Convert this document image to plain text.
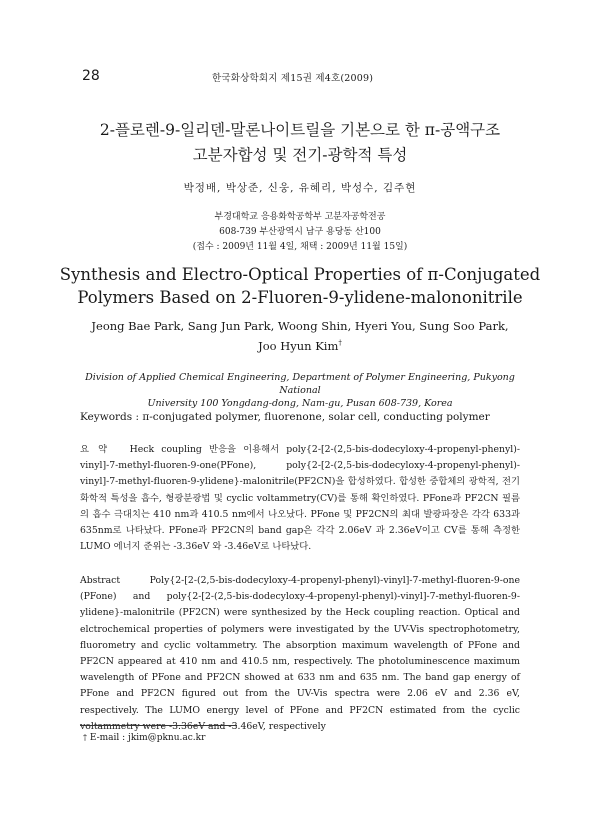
28	한국화상학회지 제15권 제4호(2009)
2-플로렌-9-일리덴-말론나이트릴을 기본으로 한 π-공액구조
고분자합성 및 전기-광학적 특성
박정배, 박상준, 신웅, 유혜리, 박성수, 김주현
부경대학교 응용화학공학부 고분자공학전공
608-739 부산광역시 남구 용당동 산100
(접수 : 2009년 11월 4일, 채택 : 2009년 11월 15일)
Synthesis and Electro-Optical Properties of π-Conjugated
Polymers Based on 2-Fluoren-9-ylidene-malononitrile
Jeong Bae Park, Sang Jun Park, Woong Shin, Hyeri You, Sung Soo Park,
Joo Hyun Kim†
Division of Applied Chemical Engineering, Department of Polymer Engineering, Pukyong National
University 100 Yongdang-dong, Nam-gu, Pusan 608-739, Korea
Keywords : π-conjugated polymer, fluorenone, solar cell, conducting polymer
요 약 Heck coupling 반응을 이용해서 poly{2-[2-(2,5-bis-dodecyloxy-4-propenyl-phenyl)-vinyl]-7-methyl-fluoren-9-one(PFone), poly{2-[2-(2,5-bis-dodecyloxy-4-propenyl-phenyl)-vinyl]-7-methyl-fluoren-9-ylidene}-malonitrile(PF2CN)을 합성하였다. 합성한 중합체의 광학적, 전기화학적 특성을 흡수, 형광분광법 및 cyclic voltammetry(CV)를 통해 확인하였다. PFone과 PF2CN 필름의 흡수 극대치는 410 nm과 410.5 nm에서 나오났다. PFone 및 PF2CN의 최대 발광파장은 각각 633과 635nm로 나타났다. PFone과 PF2CN의 band gap은 각각 2.06eV 과 2.36eV이고 CV를 통해 측정한 LUMO 에너지 준위는 -3.36eV 와 -3.46eV로 나타났다.
Abstract	Poly{2-[2-(2,5-bis-dodecyloxy-4-propenyl-phenyl)-vinyl]-7-methyl-fluoren-9-one (PFone) and poly{2-[2-(2,5-bis-dodecyloxy-4-propenyl-phenyl)-vinyl]-7-methyl-fluoren-9-ylidene}-malonitrile (PF2CN) were synthesized by the Heck coupling reaction. Optical and elctrochemical properties of polymers were investigated by the UV-Vis spectrophotometry, fluorometry and cyclic voltammetry. The absorption maximum wavelength of PFone and PF2CN appeared at 410 nm and 410.5 nm, respectively. The photoluminescence maximum wavelength of PFone and PF2CN showed at 633 nm and 635 nm. The band gap energy of PFone and PF2CN figured out from the UV-Vis spectra were 2.06 eV and 2.36 eV, respectively. The LUMO energy level of PFone and PF2CN estimated from the cyclic voltammetry were -3.36eV and -3.46eV, respectively
† E-mail : jkim@pknu.ac.kr
